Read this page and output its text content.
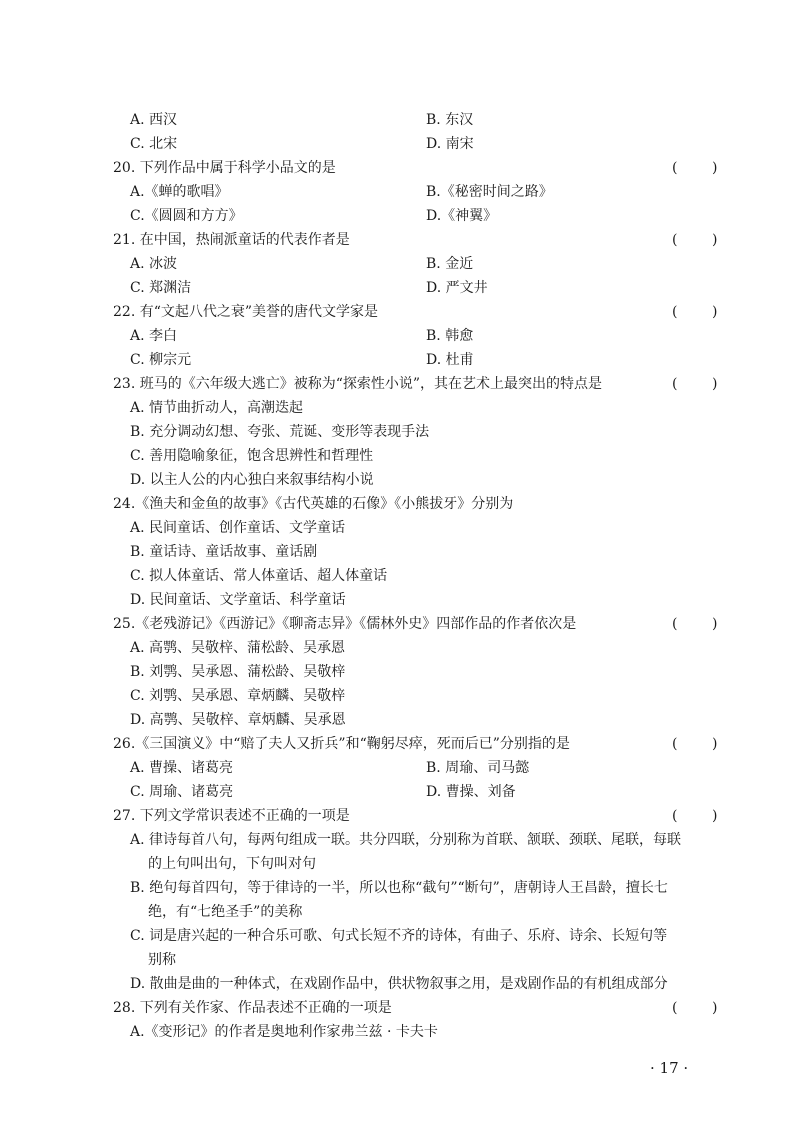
A. 西汉	B. 东汉
C. 北宋	D. 南宋
20. 下列作品中属于科学小品文的是	( )
A.《蝉的歌唱》	B.《秘密时间之路》
C.《圆圆和方方》	D.《神翼》
21. 在中国，热闹派童话的代表作者是	( )
A. 冰波	B. 金近
C. 郑渊洁	D. 严文井
22. 有“文起八代之衰”美誉的唐代文学家是	( )
A. 李白	B. 韩愈
C. 柳宗元	D. 杜甫
23. 班马的《六年级大逃亡》被称为“探索性小说”，其在艺术上最突出的特点是	( )
A. 情节曲折动人，高潮迭起
B. 充分调动幻想、夸张、荒诞、变形等表现手法
C. 善用隐喻象征，饱含思辨性和哲理性
D. 以主人公的内心独白来叙事结构小说
24.《渔夫和金鱼的故事》《古代英雄的石像》《小熊拔牙》分别为
A. 民间童话、创作童话、文学童话
B. 童话诗、童话故事、童话剧
C. 拟人体童话、常人体童话、超人体童话
D. 民间童话、文学童话、科学童话
25.《老残游记》《西游记》《聊斋志异》《儒林外史》四部作品的作者依次是	( )
A. 高鹗、吴敬梓、蒲松龄、吴承恩
B. 刘鹗、吴承恩、蒲松龄、吴敬梓
C. 刘鹗、吴承恩、章炳麟、吴敬梓
D. 高鹗、吴敬梓、章炳麟、吴承恩
26.《三国演义》中“赔了夫人又折兵”和“鞠躬尽瘁，死而后已”分别指的是	( )
A. 曹操、诸葛亮	B. 周瑜、司马懿
C. 周瑜、诸葛亮	D. 曹操、刘备
27. 下列文学常识表述不正确的一项是	( )
A. 律诗每首八句，每两句组成一联。共分四联，分别称为首联、颔联、颈联、尾联，每联
的上句叫出句，下句叫对句
B. 绝句每首四句，等于律诗的一半，所以也称“截句”“断句”，唐朝诗人王昌龄，擅长七
绝，有“七绝圣手”的美称
C. 词是唐兴起的一种合乐可歌、句式长短不齐的诗体，有曲子、乐府、诗余、长短句等
别称
D. 散曲是曲的一种体式，在戏剧作品中，供状物叙事之用，是戏剧作品的有机组成部分
28. 下列有关作家、作品表述不正确的一项是	( )
A.《变形记》的作者是奥地利作家弗兰兹 · 卡夫卡
· 17 ·
